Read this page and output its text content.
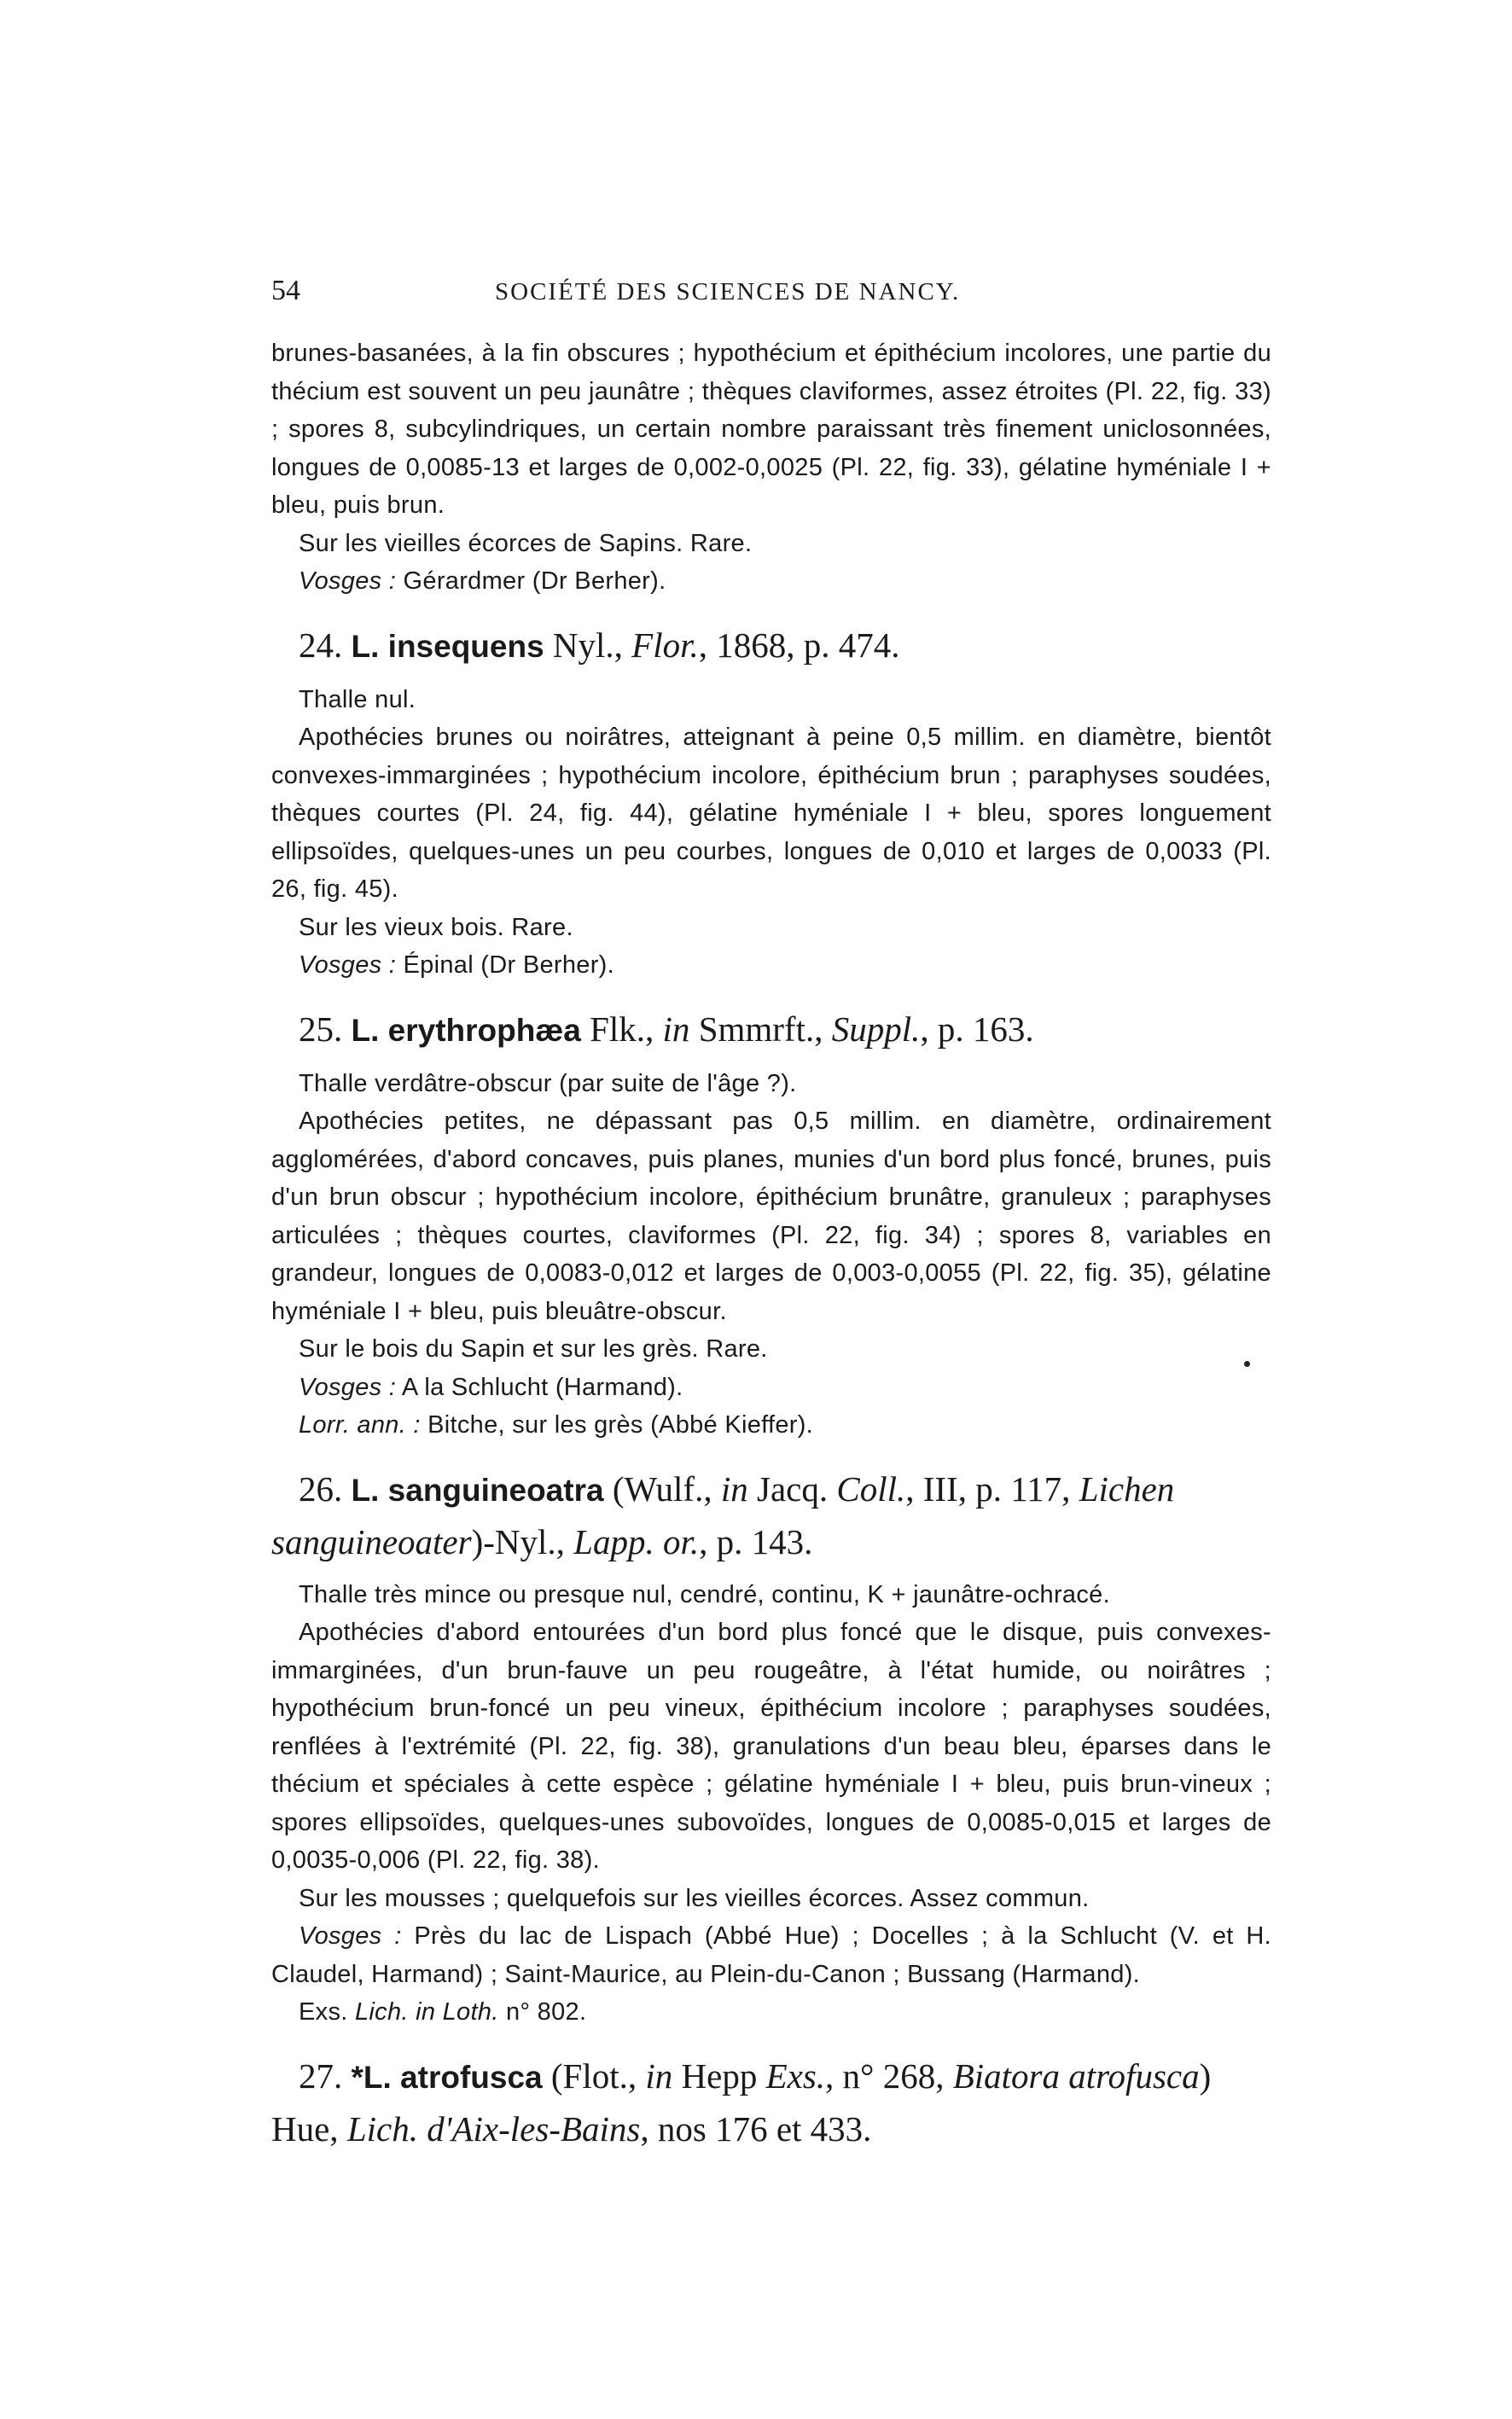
54	SOCIÉTÉ DES SCIENCES DE NANCY.

brunes-basanées, à la fin obscures ; hypothécium et épithécium incolores, une partie du thécium est souvent un peu jaunâtre ; thèques claviformes, assez étroites (Pl. 22, fig. 33) ; spores 8, subcylindriques, un certain nombre paraissant très finement uniclosonnées, longues de 0,0085-13 et larges de 0,002-0,0025 (Pl. 22, fig. 33), gélatine hyméniale I + bleu, puis brun.

Sur les vieilles écorces de Sapins. Rare.

Vosges : Gérardmer (Dr Berher).

24. L. insequens Nyl., Flor., 1868, p. 474.

Thalle nul.

Apothécies brunes ou noirâtres, atteignant à peine 0,5 millim. en diamètre, bientôt convexes-immarginées ; hypothécium incolore, épithécium brun ; paraphyses soudées, thèques courtes (Pl. 24, fig. 44), gélatine hyméniale I + bleu, spores longuement ellipsoïdes, quelques-unes un peu courbes, longues de 0,010 et larges de 0,0033 (Pl. 26, fig. 45).

Sur les vieux bois. Rare.

Vosges : Épinal (Dr Berher).

25. L. erythrophæa Flk., in Smmrft., Suppl., p. 163.

Thalle verdâtre-obscur (par suite de l'âge ?).

Apothécies petites, ne dépassant pas 0,5 millim. en diamètre, ordinairement agglomérées, d'abord concaves, puis planes, munies d'un bord plus foncé, brunes, puis d'un brun obscur ; hypothécium incolore, épithécium brunâtre, granuleux ; paraphyses articulées ; thèques courtes, claviformes (Pl. 22, fig. 34) ; spores 8, variables en grandeur, longues de 0,0083-0,012 et larges de 0,003-0,0055 (Pl. 22, fig. 35), gélatine hyméniale I + bleu, puis bleuâtre-obscur.

Sur le bois du Sapin et sur les grès. Rare.

Vosges : A la Schlucht (Harmand).

Lorr. ann. : Bitche, sur les grès (Abbé Kieffer).

26. L. sanguineoatra (Wulf., in Jacq. Coll., III, p. 117, Lichen sanguineoater)-Nyl., Lapp. or., p. 143.

Thalle très mince ou presque nul, cendré, continu, K + jaunâtre-ochracé.

Apothécies d'abord entourées d'un bord plus foncé que le disque, puis convexes-immarginées, d'un brun-fauve un peu rougeâtre, à l'état humide, ou noirâtres ; hypothécium brun-foncé un peu vineux, épithécium incolore ; paraphyses soudées, renflées à l'extrémité (Pl. 22, fig. 38), granulations d'un beau bleu, éparses dans le thécium et spéciales à cette espèce ; gélatine hyméniale I + bleu, puis brun-vineux ; spores ellipsoïdes, quelques-unes subovoïdes, longues de 0,0085-0,015 et larges de 0,0035-0,006 (Pl. 22, fig. 38).

Sur les mousses ; quelquefois sur les vieilles écorces. Assez commun.

Vosges : Près du lac de Lispach (Abbé Hue) ; Docelles ; à la Schlucht (V. et H. Claudel, Harmand) ; Saint-Maurice, au Plein-du-Canon ; Bussang (Harmand).

Exs. Lich. in Loth. n° 802.

27. *L. atrofusca (Flot., in Hepp Exs., n° 268, Biatora atrofusca) Hue, Lich. d'Aix-les-Bains, nos 176 et 433.
